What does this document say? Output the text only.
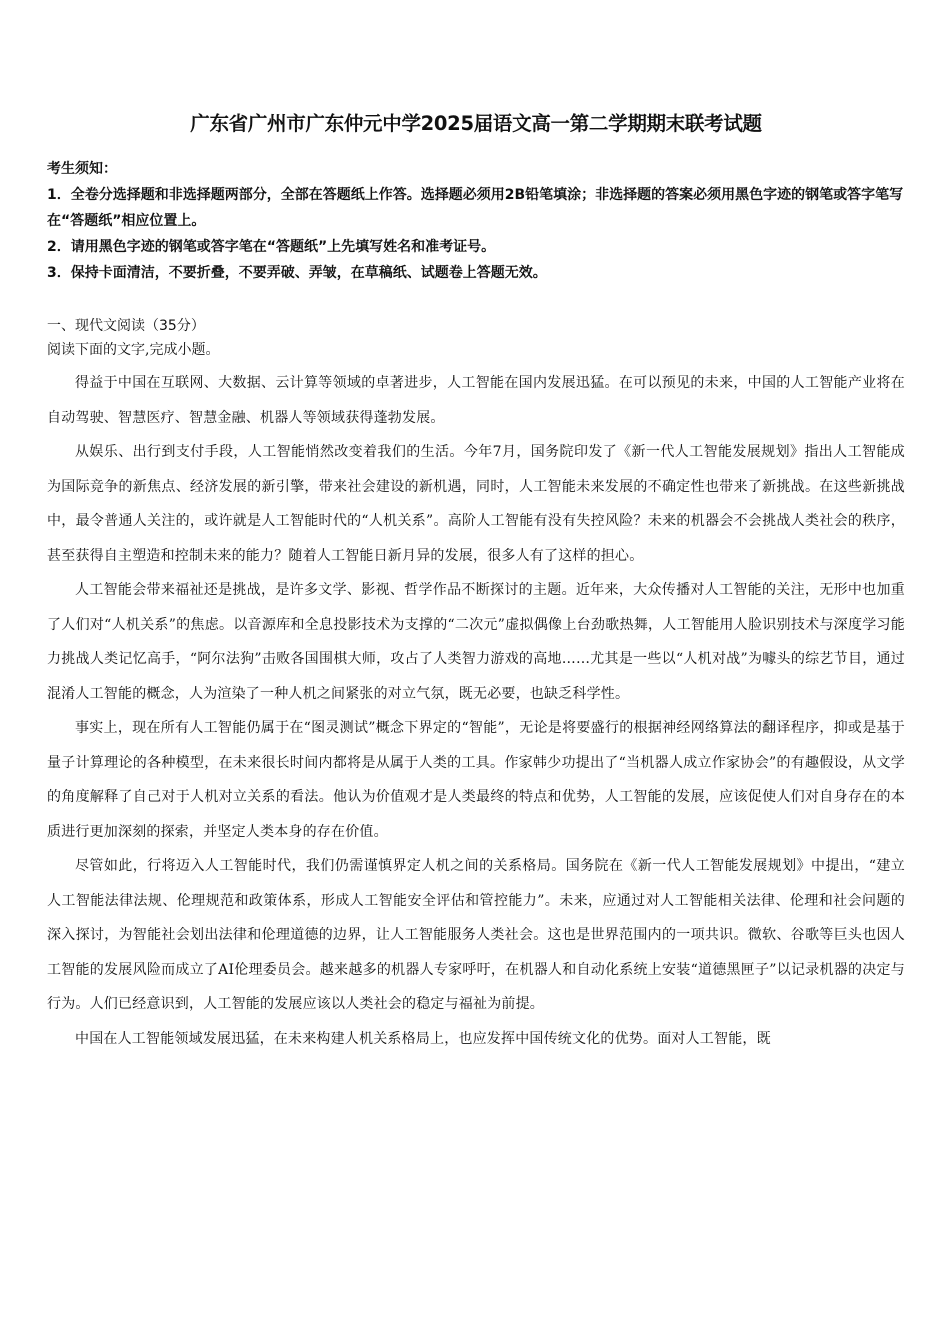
广东省广州市广东仲元中学2025届语文高一第二学期期末联考试题

考生须知：

1．全卷分选择题和非选择题两部分，全部在答题纸上作答。选择题必须用2B铅笔填涂；非选择题的答案必须用黑色字迹的钢笔或答字笔写在“答题纸”相应位置上。

2．请用黑色字迹的钢笔或答字笔在“答题纸”上先填写姓名和准考证号。

3．保持卡面清洁，不要折叠，不要弄破、弄皱，在草稿纸、试题卷上答题无效。

一、现代文阅读（35分）

阅读下面的文字,完成小题。

得益于中国在互联网、大数据、云计算等领域的卓著进步，人工智能在国内发展迅猛。在可以预见的未来，中国的人工智能产业将在自动驾驶、智慧医疗、智慧金融、机器人等领域获得蓬勃发展。

从娱乐、出行到支付手段，人工智能悄然改变着我们的生活。今年7月，国务院印发了《新一代人工智能发展规划》指出人工智能成为国际竞争的新焦点、经济发展的新引擎，带来社会建设的新机遇，同时，人工智能未来发展的不确定性也带来了新挑战。在这些新挑战中，最令普通人关注的，或许就是人工智能时代的“人机关系”。高阶人工智能有没有失控风险？未来的机器会不会挑战人类社会的秩序，甚至获得自主塑造和控制未来的能力？随着人工智能日新月异的发展，很多人有了这样的担心。

人工智能会带来福祉还是挑战，是许多文学、影视、哲学作品不断探讨的主题。近年来，大众传播对人工智能的关注，无形中也加重了人们对“人机关系”的焦虑。以音源库和全息投影技术为支撑的“二次元”虚拟偶像上台劲歌热舞，人工智能用人脸识别技术与深度学习能力挑战人类记忆高手，“阿尔法狗”击败各国围棋大师，攻占了人类智力游戏的高地……尤其是一些以“人机对战”为噱头的综艺节目，通过混淆人工智能的概念，人为渲染了一种人机之间紧张的对立气氛，既无必要，也缺乏科学性。

事实上，现在所有人工智能仍属于在“图灵测试”概念下界定的“智能”，无论是将要盛行的根据神经网络算法的翻译程序，抑或是基于量子计算理论的各种模型，在未来很长时间内都将是从属于人类的工具。作家韩少功提出了“当机器人成立作家协会”的有趣假设，从文学的角度解释了自己对于人机对立关系的看法。他认为价值观才是人类最终的特点和优势，人工智能的发展，应该促使人们对自身存在的本质进行更加深刻的探索，并坚定人类本身的存在价值。

尽管如此，行将迈入人工智能时代，我们仍需谨慎界定人机之间的关系格局。国务院在《新一代人工智能发展规划》中提出，“建立人工智能法律法规、伦理规范和政策体系，形成人工智能安全评估和管控能力”。未来，应通过对人工智能相关法律、伦理和社会问题的深入探讨，为智能社会划出法律和伦理道德的边界，让人工智能服务人类社会。这也是世界范围内的一项共识。微软、谷歌等巨头也因人工智能的发展风险而成立了AI伦理委员会。越来越多的机器人专家呼吁，在机器人和自动化系统上安装“道德黑匣子”以记录机器的决定与行为。人们已经意识到，人工智能的发展应该以人类社会的稳定与福祉为前提。

中国在人工智能领域发展迅猛，在未来构建人机关系格局上，也应发挥中国传统文化的优势。面对人工智能，既
